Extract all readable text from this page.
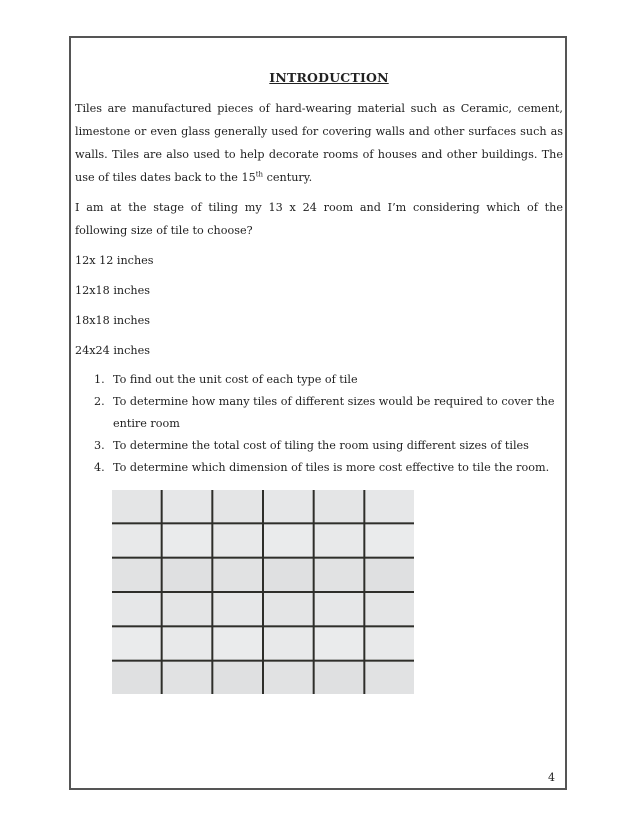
INTRODUCTION

Tiles are manufactured pieces of hard-wearing material such as Ceramic, cement, limestone or even glass generally used for covering walls and other surfaces such as walls. Tiles are also used to help decorate rooms of houses and other buildings. The use of tiles dates back to the 15th century.

I am at the stage of tiling my 13 x 24 room and I’m considering which of the following size of tile to choose?

12x 12 inches
12x18 inches
18x18 inches
24x24 inches
1. To find out the unit cost of each type of tile
2. To determine how many tiles of different sizes would be required to cover the entire room
3. To determine the total cost of tiling the room using different sizes of tiles
4. To determine which dimension of tiles is more cost effective to tile the room.
4
